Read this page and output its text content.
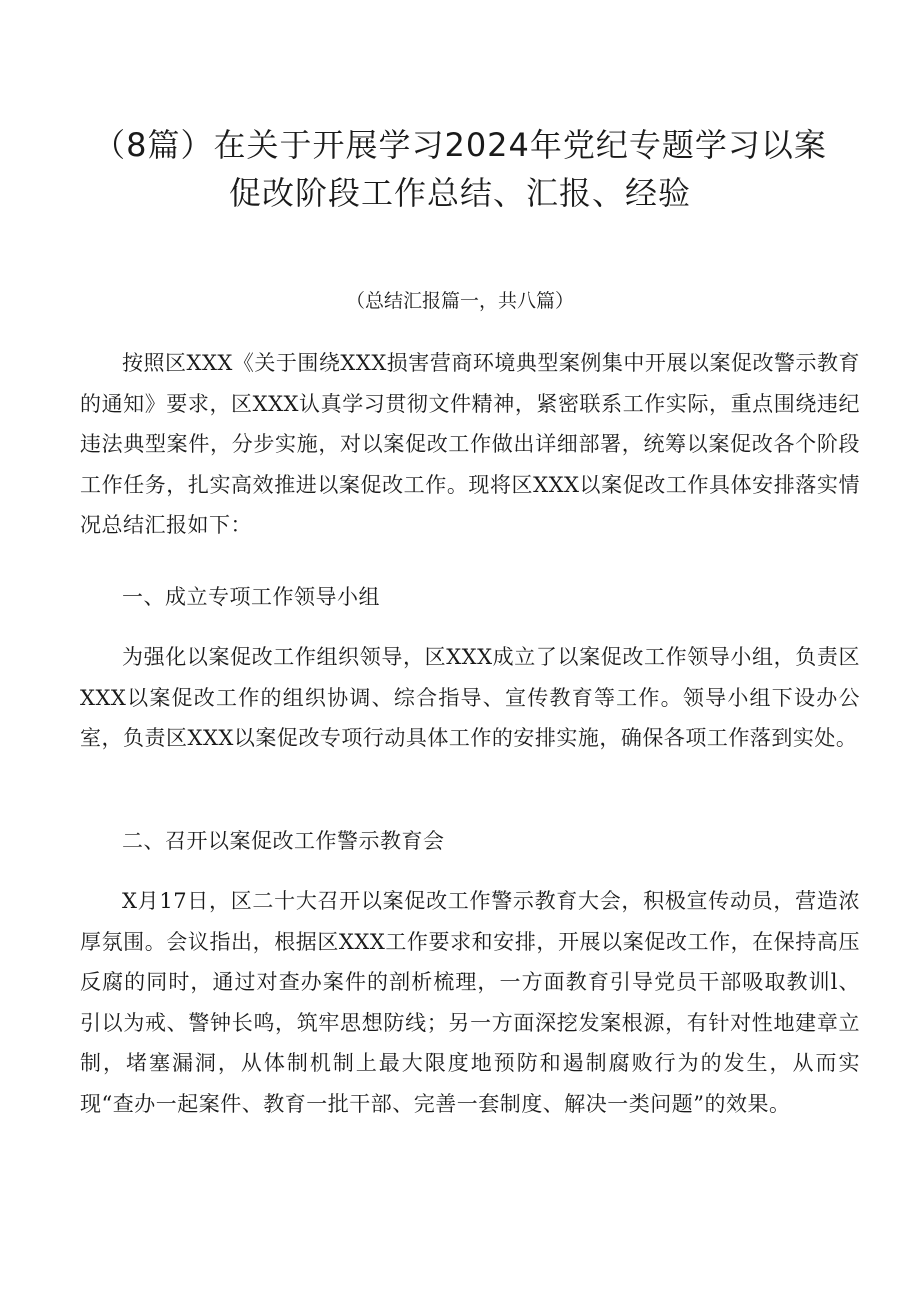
（8篇）在关于开展学习2024年党纪专题学习以案
促改阶段工作总结、汇报、经验
（总结汇报篇一，共八篇）

按照区XXX《关于围绕XXX损害营商环境典型案例集中开展以案促改警示教育的通知》要求，区XXX认真学习贯彻文件精神，紧密联系工作实际，重点围绕违纪违法典型案件，分步实施，对以案促改工作做出详细部署，统筹以案促改各个阶段工作任务，扎实高效推进以案促改工作。现将区XXX以案促改工作具体安排落实情况总结汇报如下：

一、成立专项工作领导小组

为强化以案促改工作组织领导，区XXX成立了以案促改工作领导小组，负责区XXX以案促改工作的组织协调、综合指导、宣传教育等工作。领导小组下设办公室，负责区XXX以案促改专项行动具体工作的安排实施，确保各项工作落到实处。

二、召开以案促改工作警示教育会

X月17日，区二十大召开以案促改工作警示教育大会，积极宣传动员，营造浓厚氛围。会议指出，根据区XXX工作要求和安排，开展以案促改工作，在保持高压反腐的同时，通过对查办案件的剖析梳理，一方面教育引导党员干部吸取教训l、引以为戒、警钟长鸣，筑牢思想防线；另一方面深挖发案根源，有针对性地建章立制，堵塞漏洞，从体制机制上最大限度地预防和遏制腐败行为的发生，从而实现“查办一起案件、教育一批干部、完善一套制度、解决一类问题”的效果。
